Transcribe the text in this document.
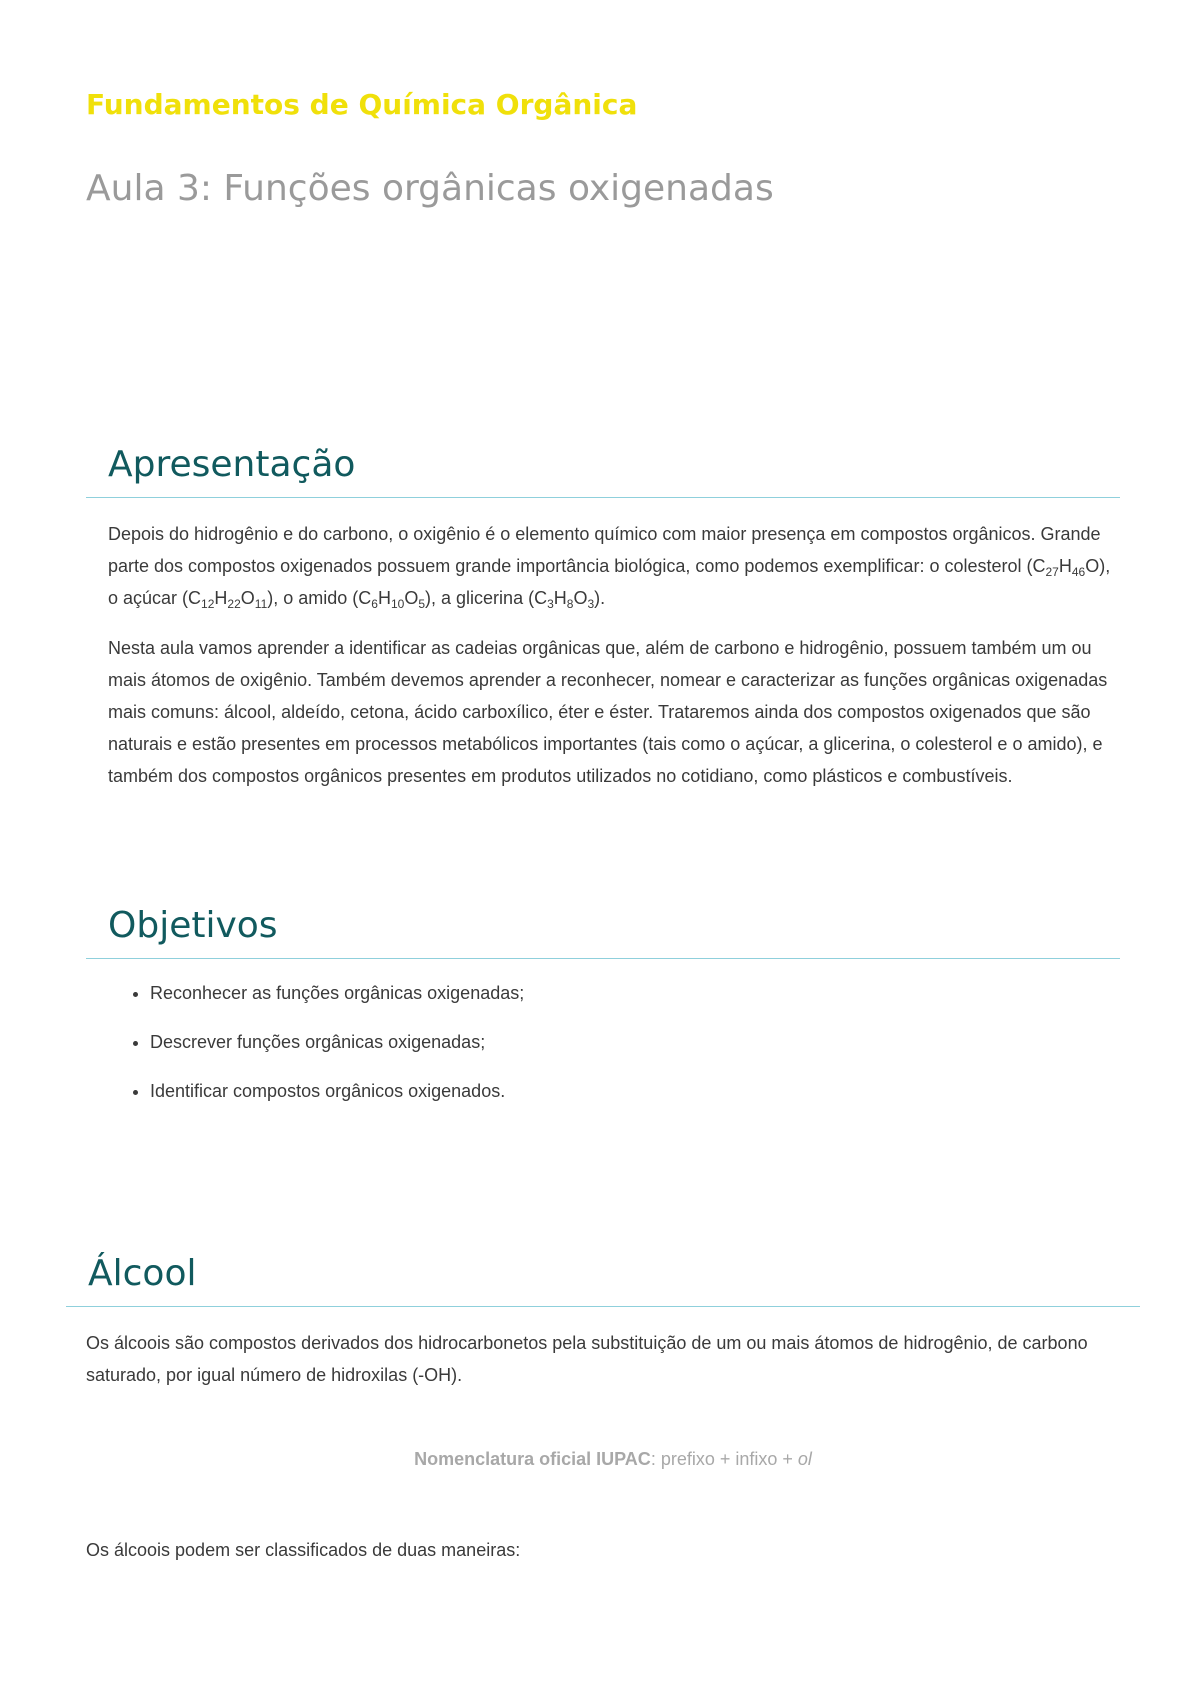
Fundamentos de Química Orgânica
Aula 3: Funções orgânicas oxigenadas
Apresentação

Depois do hidrogênio e do carbono, o oxigênio é o elemento químico com maior presença em compostos orgânicos. Grande parte dos compostos oxigenados possuem grande importância biológica, como podemos exemplificar: o colesterol $(C_{27}H_{46}O)$, o açúcar $(C_{12}H_{22}O_{11})$, o amido $(C_6H_{10}O_5)$, a glicerina $(C_3H_8O_3)$.

Nesta aula vamos aprender a identificar as cadeias orgânicas que, além de carbono e hidrogênio, possuem também um ou mais átomos de oxigênio. Também devemos aprender a reconhecer, nomear e caracterizar as funções orgânicas oxigenadas mais comuns: álcool, aldeído, cetona, ácido carboxílico, éter e éster. Trataremos ainda dos compostos oxigenados que são naturais e estão presentes em processos metabólicos importantes (tais como o açúcar, a glicerina, o colesterol e o amido), e também dos compostos orgânicos presentes em produtos utilizados no cotidiano, como plásticos e combustíveis.

Objetivos
• Reconhecer as funções orgânicas oxigenadas;
• Descrever funções orgânicas oxigenadas;
• Identificar compostos orgânicos oxigenados.
Álcool

Os álcoois são compostos derivados dos hidrocarbonetos pela substituição de um ou mais átomos de hidrogênio, de carbono saturado, por igual número de hidroxilas (-OH).

Nomenclatura oficial IUPAC: prefixo + infixo + ol

Os álcoois podem ser classificados de duas maneiras:
